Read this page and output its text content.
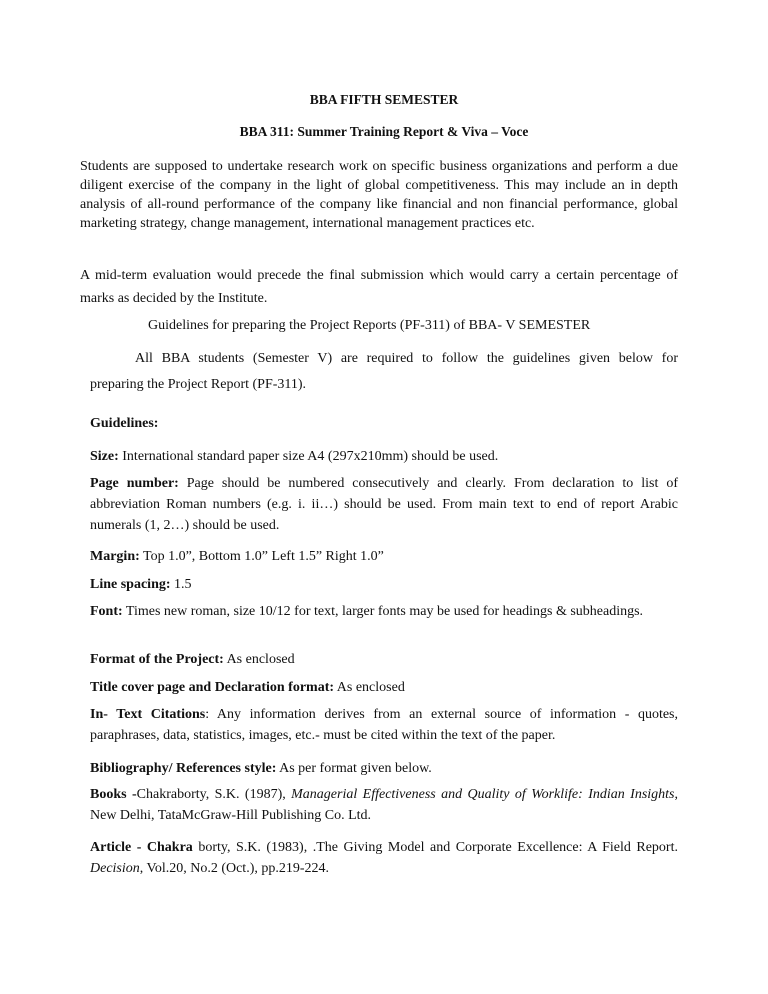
BBA FIFTH SEMESTER
BBA 311: Summer Training Report & Viva – Voce
Students are supposed to undertake research work on specific business organizations and perform a due diligent exercise of the company in the light of global competitiveness. This may include an in depth analysis of all-round performance of the company like financial and non financial performance, global marketing strategy, change management, international management practices etc.
A mid-term evaluation would precede the final submission which would carry a certain percentage of marks as decided by the Institute.
Guidelines for preparing the Project Reports (PF-311) of BBA- V SEMESTER
All BBA students (Semester V) are required to follow the guidelines given below for
preparing the Project Report (PF-311).
Guidelines:
Size: International standard paper size A4 (297x210mm) should be used.
Page number: Page should be numbered consecutively and clearly. From declaration to list of abbreviation Roman numbers (e.g. i. ii…) should be used. From main text to end of report Arabic numerals (1, 2…) should be used.
Margin: Top 1.0”, Bottom 1.0” Left 1.5” Right 1.0”
Line spacing: 1.5
Font: Times new roman, size 10/12 for text, larger fonts may be used for headings & subheadings.
Format of the Project: As enclosed
Title cover page and Declaration format: As enclosed
In- Text Citations: Any information derives from an external source of information - quotes, paraphrases, data, statistics, images, etc.- must be cited within the text of the paper.
Bibliography/ References style: As per format given below.
Books -Chakraborty, S.K. (1987), Managerial Effectiveness and Quality of Worklife: Indian Insights, New Delhi, TataMcGraw-Hill Publishing Co. Ltd.
Article - Chakra borty, S.K. (1983), .The Giving Model and Corporate Excellence: A Field Report. Decision, Vol.20, No.2 (Oct.), pp.219-224.
